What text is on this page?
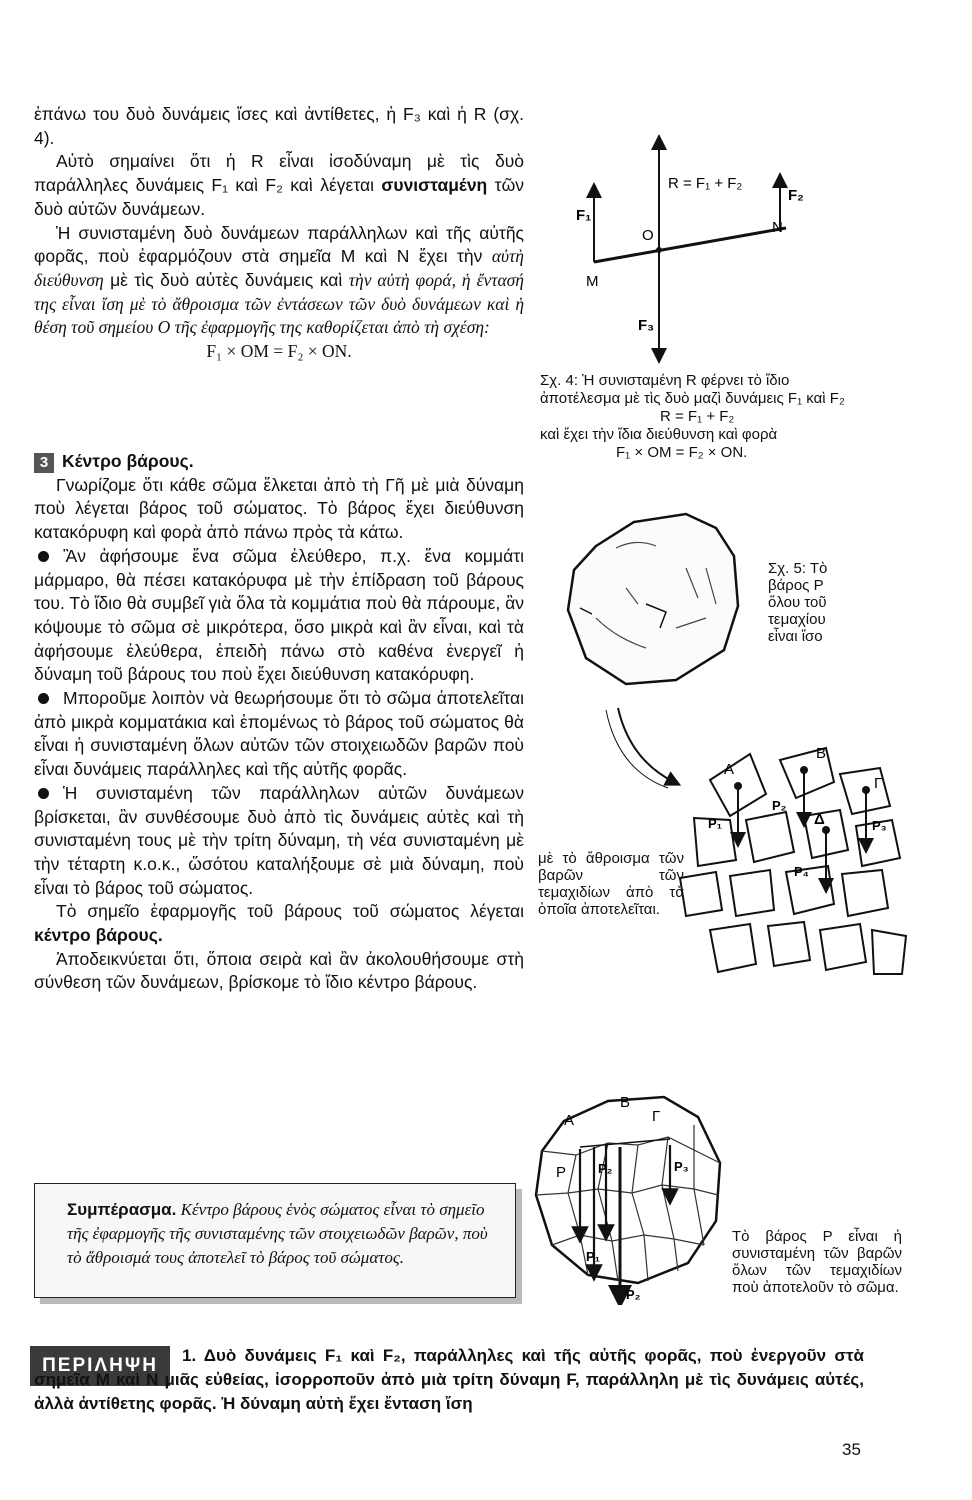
ἐπάνω του δυὸ δυνάμεις ἴσες καὶ ἀντίθετες, ἡ F₃ καὶ ἡ R (σχ. 4).

Αὐτὸ σημαίνει ὅτι ἡ R εἶναι ἰσοδύναμη μὲ τὶς δυὸ παράλληλες δυνάμεις F₁ καὶ F₂ καὶ λέγεται συνισταμένη τῶν δυὸ αὐτῶν δυνάμεων.

Ἡ συνισταμένη δυὸ δυνάμεων παράλληλων καὶ τῆς αὐτῆς φορᾶς, ποὺ ἐφαρμόζουν στὰ σημεῖα Μ καὶ Ν ἔχει τὴν αὐτὴ διεύθυνση μὲ τὶς δυὸ αὐτὲς δυνάμεις καὶ τὴν αὐτὴ φορά, ἡ ἔντασή της εἶναι ἴση μὲ τὸ ἄθροισμα τῶν ἐντάσεων τῶν δυὸ δυνάμεων καὶ ἡ θέση τοῦ σημείου Ο τῆς ἐφαρμογῆς της καθορίζεται ἀπὸ τὴ σχέση:

F₁ × ΟΜ = F₂ × ΟΝ.

3 Κέντρο βάρους.

Γνωρίζομε ὅτι κάθε σῶμα ἕλκεται ἀπὸ τὴ Γῆ μὲ μιὰ δύναμη ποὺ λέγεται βάρος τοῦ σώματος. Τὸ βάρος ἔχει διεύθυνση κατακόρυφη καὶ φορὰ ἀπὸ πάνω πρὸς τὰ κάτω.

Ἂν ἀφήσουμε ἕνα σῶμα ἐλεύθερο, π.χ. ἕνα κομμάτι μάρμαρο, θὰ πέσει κατακόρυφα μὲ τὴν ἐπίδραση τοῦ βάρους του. Τὸ ἴδιο θὰ συμβεῖ γιὰ ὅλα τὰ κομμάτια ποὺ θὰ πάρουμε, ἂν κόψουμε τὸ σῶμα σὲ μικρότερα, ὅσο μικρὰ καὶ ἂν εἶναι, καὶ τὰ ἀφήσουμε ἐλεύθερα, ἐπειδὴ πάνω στὸ καθένα ἐνεργεῖ ἡ δύναμη τοῦ βάρους του ποὺ ἔχει διεύθυνση κατακόρυφη.

Μποροῦμε λοιπὸν νὰ θεωρήσουμε ὅτι τὸ σῶμα ἀποτελεῖται ἀπὸ μικρὰ κομματάκια καὶ ἑπομένως τὸ βάρος τοῦ σώματος θὰ εἶναι ἡ συνισταμένη ὅλων αὐτῶν τῶν στοιχειωδῶν βαρῶν ποὺ εἶναι δυνάμεις παράλληλες καὶ τῆς αὐτῆς φορᾶς.

Ἡ συνισταμένη τῶν παράλληλων αὐτῶν δυνάμεων βρίσκεται, ἂν συνθέσουμε δυὸ ἀπὸ τὶς δυνάμεις αὐτὲς καὶ τὴ συνισταμένη τους μὲ τὴν τρίτη δύναμη, τὴ νέα συνισταμένη μὲ τὴν τέταρτη κ.ο.κ., ὥσότου καταλήξουμε σὲ μιὰ δύναμη, ποὺ εἶναι τὸ βάρος τοῦ σώματος.

Τὸ σημεῖο ἐφαρμογῆς τοῦ βάρους τοῦ σώματος λέγεται κέντρο βάρους.

Ἀποδεικνύεται ὅτι, ὅποια σειρὰ καὶ ἂν ἀκολουθήσουμε στὴ σύνθεση τῶν δυνάμεων, βρίσκομε τὸ ἴδιο κέντρο βάρους.

Συμπέρασμα. Κέντρο βάρους ἑνὸς σώματος εἶναι τὸ σημεῖο τῆς ἐφαρμογῆς τῆς συνισταμένης τῶν στοιχειωδῶν βαρῶν, ποὺ τὸ ἄθροισμά τους ἀποτελεῖ τὸ βάρος τοῦ σώματος.
R = F₁ + F₂
F₁
F₂
F₃
O
M
N
Σχ. 4: Ἡ συνισταμένη R φέρνει τὸ ἴδιο ἀποτέλεσμα μὲ τὶς δυὸ μαζὶ δυνάμεις F₁ καὶ F₂
R = F₁ + F₂
καὶ ἔχει τὴν ἴδια διεύθυνση καὶ φορὰ
F₁ × ΟΜ = F₂ × ΟΝ.
Σχ. 5: Τὸ βάρος Ρ ὅλου τοῦ τεμαχίου εἶναι ἴσο
A
B
Γ
Δ
P₁
P₂
P₃
P₄
μὲ τὸ ἄθροισμα τῶν βαρῶν τῶν τεμαχιδίων ἀπὸ τὰ ὁποῖα ἀποτελεῖται.
A
B
Γ
P P₂	P₃
P₁
P₂
Τὸ βάρος Ρ εἶναι ἡ συνισταμένη τῶν βαρῶν ὅλων τῶν τεμαχιδίων ποὺ ἀποτελοῦν τὸ σῶμα.
ΠΕΡΙΛΗΨΗ	1. Δυὸ δυνάμεις F₁ καὶ F₂, παράλληλες καὶ τῆς αὐτῆς φορᾶς, ποὺ ἐνεργοῦν στὰ σημεῖα Μ καὶ Ν μιᾶς εὐθείας, ἰσορροποῦν ἀπὸ μιὰ τρίτη δύναμη F, παράλληλη μὲ τὶς δυνάμεις αὐτές, ἀλλὰ ἀντίθετης φορᾶς. Ἡ δύναμη αὐτὴ ἔχει ἔνταση ἴση
35
